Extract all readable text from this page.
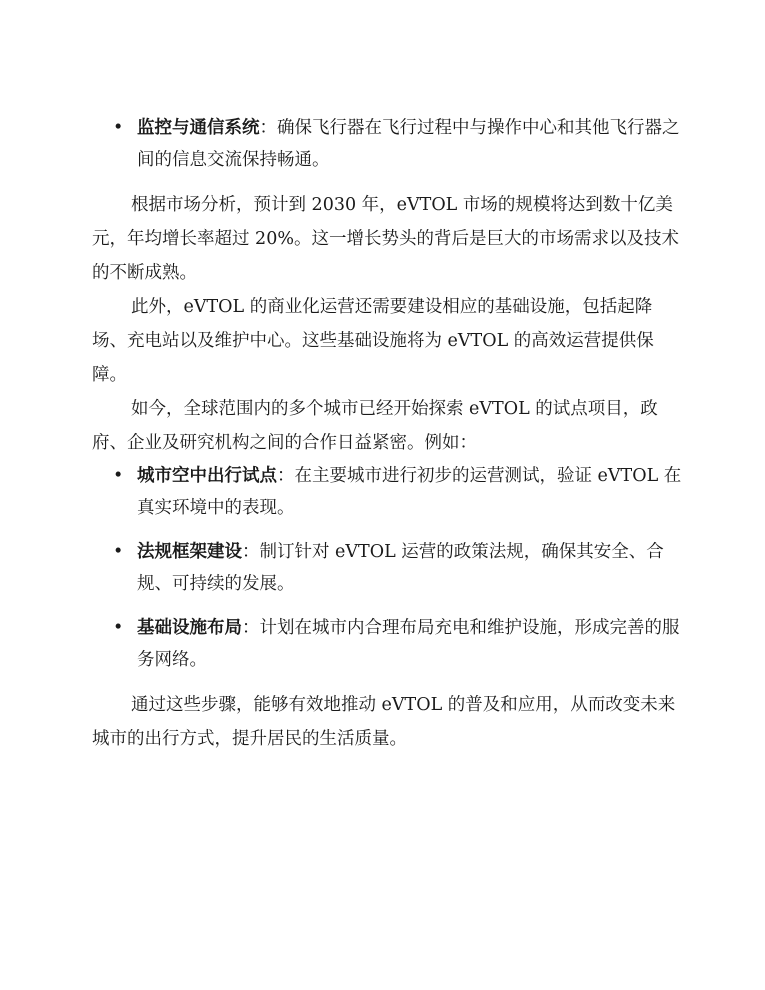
• 监控与通信系统：确保飞行器在飞行过程中与操作中心和其他飞行器之间的信息交流保持畅通。

根据市场分析，预计到 2030 年，eVTOL 市场的规模将达到数十亿美元，年均增长率超过 20%。这一增长势头的背后是巨大的市场需求以及技术的不断成熟。

此外，eVTOL 的商业化运营还需要建设相应的基础设施，包括起降场、充电站以及维护中心。这些基础设施将为 eVTOL 的高效运营提供保障。

如今，全球范围内的多个城市已经开始探索 eVTOL 的试点项目，政府、企业及研究机构之间的合作日益紧密。例如：

• 城市空中出行试点：在主要城市进行初步的运营测试，验证 eVTOL 在真实环境中的表现。
• 法规框架建设：制订针对 eVTOL 运营的政策法规，确保其安全、合规、可持续的发展。
• 基础设施布局：计划在城市内合理布局充电和维护设施，形成完善的服务网络。

通过这些步骤，能够有效地推动 eVTOL 的普及和应用，从而改变未来城市的出行方式，提升居民的生活质量。
